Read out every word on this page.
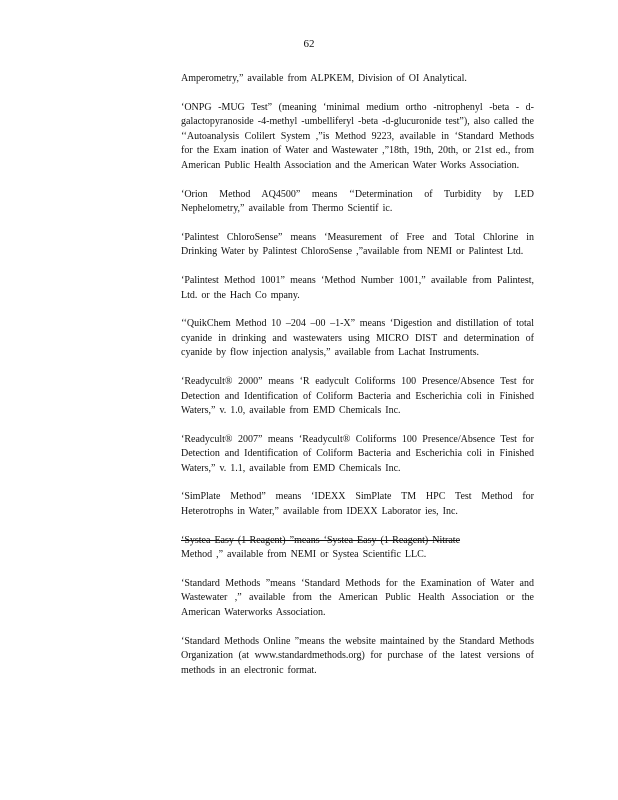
62

Amperometry,” available from ALPKEM, Division of OI Analytical.

‘ONPG -MUG Test” (meaning ‘minimal medium ortho -nitrophenyl -beta - d-galactopyranoside -4-methyl -umbelliferyl -beta -d-glucuronide test”), also called the ‘‘Autoanalysis Colilert System ,”is Method 9223, available in ‘Standard Methods for the Exam ination of Water and Wastewater ,”18th, 19th, 20th, or 21st ed., from American Public Health Association and the American Water Works Association.

‘Orion Method AQ4500” means ‘‘Determination of Turbidity by LED Nephelometry,” available from Thermo Scientif ic.

‘Palintest ChloroSense” means ‘Measurement of Free and Total Chlorine in Drinking Water by Palintest ChloroSense ,”available from NEMI or Palintest Ltd.

‘Palintest Method 1001” means ‘Method Number 1001,” available from Palintest, Ltd. or the Hach Co mpany.

‘‘QuikChem Method 10 –204 –00 –1-X” means ‘Digestion and distillation of total cyanide in drinking and wastewaters using MICRO DIST and determination of cyanide by flow injection analysis,” available from Lachat Instruments.

‘Readycult® 2000” means ‘R eadycult Coliforms 100 Presence/Absence Test for Detection and Identification of Coliform Bacteria and Escherichia coli in Finished Waters,” v. 1.0, available from EMD Chemicals Inc.

‘Readycult® 2007” means ‘Readycult® Coliforms 100 Presence/Absence Test for Detection and Identification of Coliform Bacteria and Escherichia coli in Finished Waters,” v. 1.1, available from EMD Chemicals Inc.

‘SimPlate Method” means ‘IDEXX SimPlate TM HPC Test Method for Heterotrophs in Water,” available from IDEXX Laborator ies, Inc.

‘Systea Easy (1-Reagent) ”means ‘Systea Easy (1-Reagent) Nitrate
Method ,” available from NEMI or Systea Scientific LLC.

‘Standard Methods ”means ‘Standard Methods for the Examination of Water and Wastewater ,” available from the American Public Health Association or the American Waterworks Association.

‘Standard Methods Online ”means the website maintained by the Standard Methods Organization (at www.standardmethods.org) for purchase of the latest versions of methods in an electronic format.
